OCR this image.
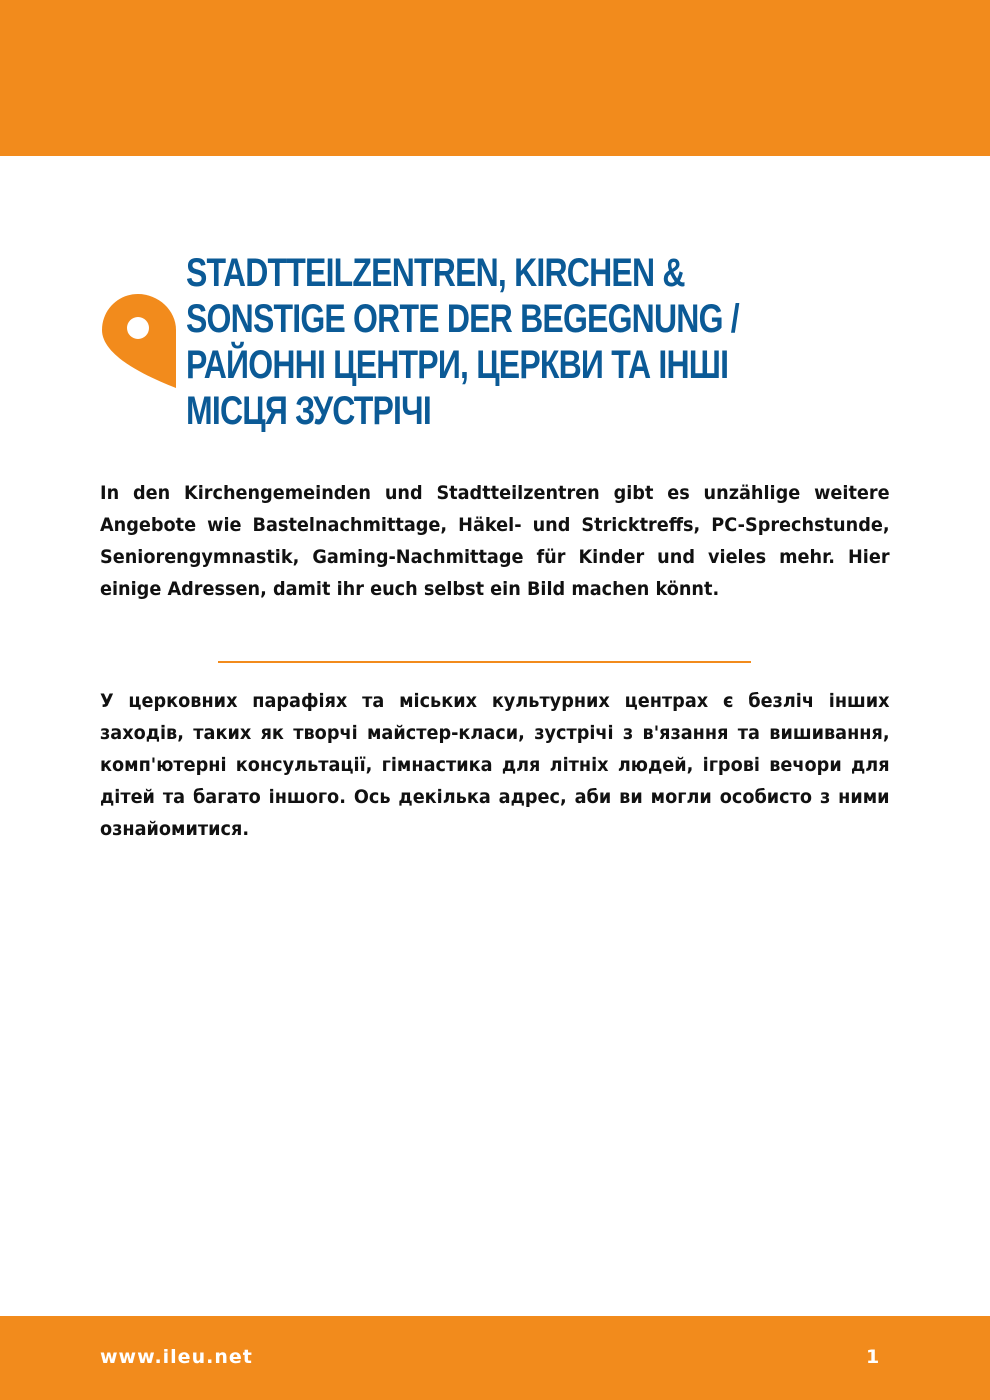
STADTTEILZENTREN, KIRCHEN & SONSTIGE ORTE DER BEGEGNUNG / РАЙОННІ ЦЕНТРИ, ЦЕРКВИ ТА ІНШІ МІСЦЯ ЗУСТРІЧІ

In den Kirchengemeinden und Stadtteilzentren gibt es unzählige weitere Angebote wie Bastelnachmittage, Häkel- und Stricktreffs, PC-Sprechstunde, Seniorengymnastik, Gaming-Nachmittage für Kinder und vieles mehr. Hier einige Adressen, damit ihr euch selbst ein Bild machen könnt.

У церковних парафіях та міських культурних центрах є безліч інших заходів, таких як творчі майстер-класи, зустрічі з в'язання та вишивання, комп'ютерні консультації, гімнастика для літніх людей, ігрові вечори для дітей та багато іншого. Ось декілька адрес, аби ви могли особисто з ними ознайомитися.

www.ileu.net	1
